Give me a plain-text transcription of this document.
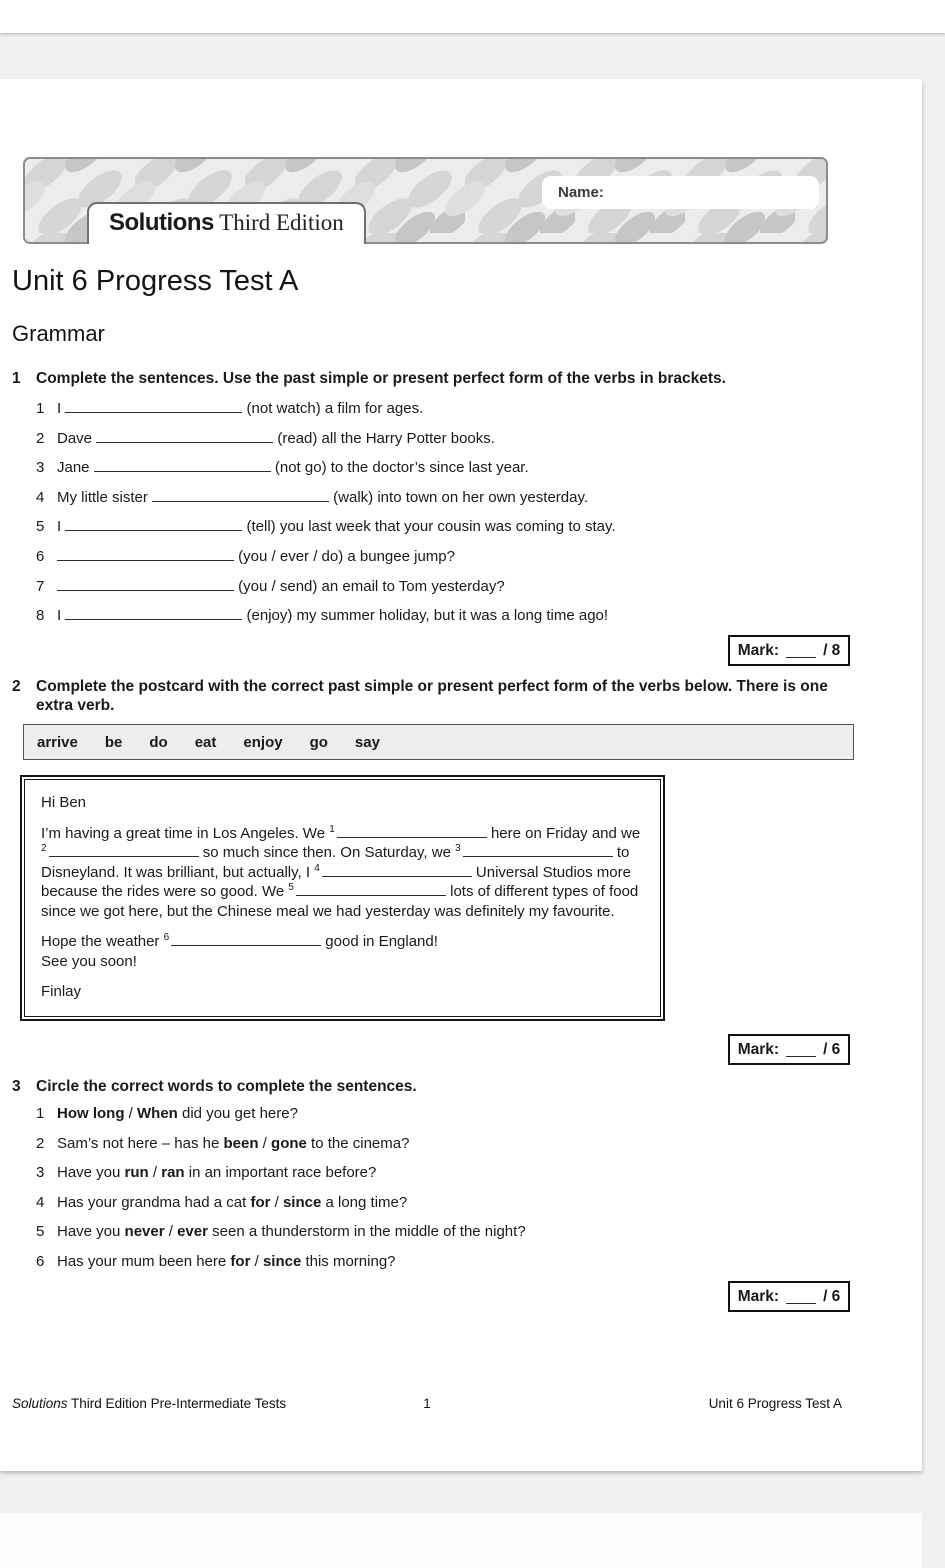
Name:
Solutions Third Edition
Unit 6 Progress Test A
Grammar
1 Complete the sentences. Use the past simple or present perfect form of the verbs in brackets.
1 I	(not watch) a film for ages.
2 Dave	(read) all the Harry Potter books.
3 Jane	(not go) to the doctor’s since last year.
4 My little sister	(walk) into town on her own yesterday.
5 I	(tell) you last week that your cousin was coming to stay.
6	(you / ever / do) a bungee jump?
7	(you / send) an email to Tom yesterday?
8 I	(enjoy) my summer holiday, but it was a long time ago!
Mark:	/ 8
2 Complete the postcard with the correct past simple or present perfect form of the verbs below. There is one extra verb.
arrive be do eat enjoy go say

Hi Ben

I’m having a great time in Los Angeles. We $^1$	here on Friday and we $^2$	so much since then. On Saturday, we $^3$	to Disneyland. It was brilliant, but actually, I $^4$	Universal Studios more because the rides were so good. We $^5$	lots of different types of food since we got here, but the Chinese meal we had yesterday was definitely my favourite.

Hope the weather $^6$	good in England!

See you soon!

Finlay

Mark:	/ 6
3 Circle the correct words to complete the sentences.
1 How long / When did you get here?
2 Sam’s not here – has he been / gone to the cinema?
3 Have you run / ran in an important race before?
4 Has your grandma had a cat for / since a long time?
5 Have you never / ever seen a thunderstorm in the middle of the night?
6 Has your mum been here for / since this morning?
Mark:	/ 6
Solutions Third Edition Pre-Intermediate Tests	1	Unit 6 Progress Test A
